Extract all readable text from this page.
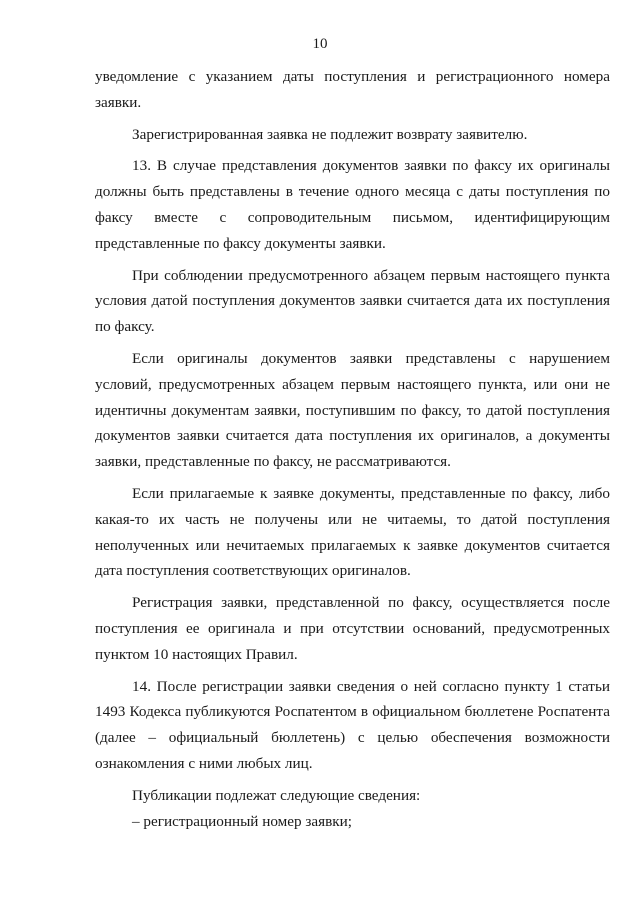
10

уведомление с указанием даты поступления и регистрационного номера заявки.

Зарегистрированная заявка не подлежит возврату заявителю.

13. В случае представления документов заявки по факсу их оригиналы должны быть представлены в течение одного месяца с даты поступления по факсу вместе с сопроводительным письмом, идентифицирующим представленные по факсу документы заявки.

При соблюдении предусмотренного абзацем первым настоящего пункта условия датой поступления документов заявки считается дата их поступления по факсу.

Если оригиналы документов заявки представлены с нарушением условий, предусмотренных абзацем первым настоящего пункта, или они не идентичны документам заявки, поступившим по факсу, то датой поступления документов заявки считается дата поступления их оригиналов, а документы заявки, представленные по факсу, не рассматриваются.

Если прилагаемые к заявке документы, представленные по факсу, либо какая-то их часть не получены или не читаемы, то датой поступления неполученных или нечитаемых прилагаемых к заявке документов считается дата поступления соответствующих оригиналов.

Регистрация заявки, представленной по факсу, осуществляется после поступления ее оригинала и при отсутствии оснований, предусмотренных пунктом 10 настоящих Правил.

14. После регистрации заявки сведения о ней согласно пункту 1 статьи 1493 Кодекса публикуются Роспатентом в официальном бюллетене Роспатента (далее – официальный бюллетень) с целью обеспечения возможности ознакомления с ними любых лиц.

Публикации подлежат следующие сведения:

– регистрационный номер заявки;
